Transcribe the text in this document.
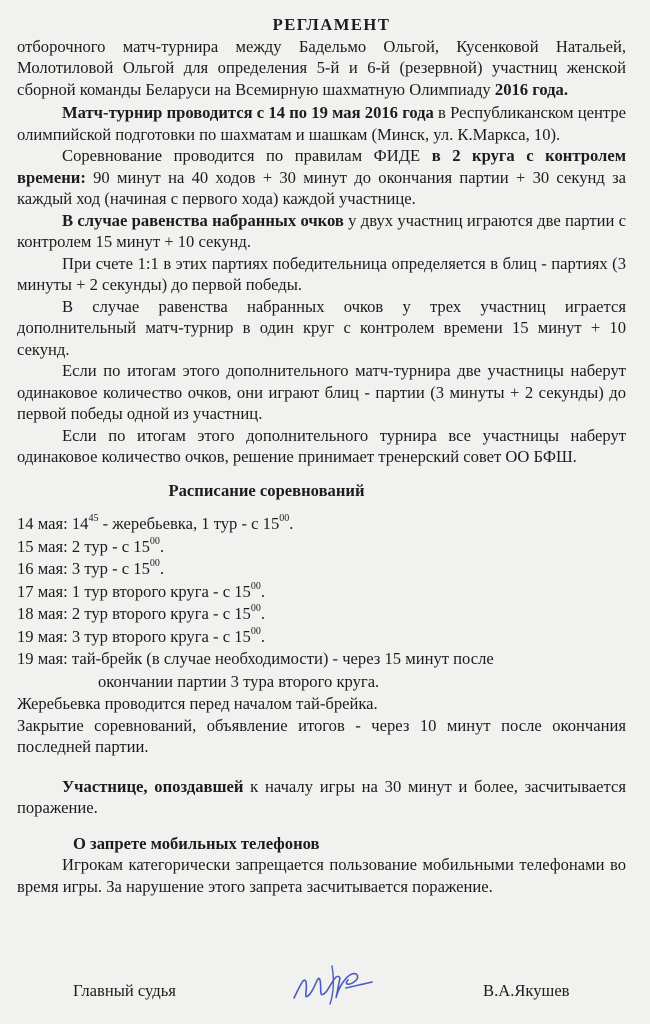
РЕГЛАМЕНТ

отборочного матч-турнира между Бадельмо Ольгой, Кусенковой Натальей, Молотиловой Ольгой для определения 5-й и 6-й (резервной) участниц женской сборной команды Беларуси на Всемирную шахматную Олимпиаду 2016 года.

Матч-турнир проводится с 14 по 19 мая 2016 года в Республиканском центре олимпийской подготовки по шахматам и шашкам (Минск, ул. К.Маркса, 10).

Соревнование проводится по правилам ФИДЕ в 2 круга с контролем времени: 90 минут на 40 ходов + 30 минут до окончания партии + 30 секунд за каждый ход (начиная с первого хода) каждой участнице.

В случае равенства набранных очков у двух участниц играются две партии с контролем 15 минут + 10 секунд.

При счете 1:1 в этих партиях победительница определяется в блиц - партиях (3 минуты + 2 секунды) до первой победы.

В случае равенства набранных очков у трех участниц играется дополнительный матч-турнир в один круг с контролем времени 15 минут + 10 секунд.

Если по итогам этого дополнительного матч-турнира две участницы наберут одинаковое количество очков, они играют блиц - партии (3 минуты + 2 секунды) до первой победы одной из участниц.

Если по итогам этого дополнительного турнира все участницы наберут одинаковое количество очков, решение принимает тренерский совет ОО БФШ.

Расписание соревнований

14 мая: $14^{45}$ - жеребьевка, 1 тур - с $15^{00}$.

15 мая: 2 тур - с $15^{00}$.

16 мая: 3 тур - с $15^{00}$.

17 мая: 1 тур второго круга - с $15^{00}$.

18 мая: 2 тур второго круга - с $15^{00}$.

19 мая: 3 тур второго круга - с $15^{00}$.

19 мая: тай-брейк (в случае необходимости) - через 15 минут после

окончании партии 3 тура второго круга.

Жеребьевка проводится перед началом тай-брейка.

Закрытие соревнований, объявление итогов - через 10 минут после окончания последней партии.

Участнице, опоздавшей к началу игры на 30 минут и более, засчитывается поражение.

О запрете мобильных телефонов

Игрокам категорически запрещается пользование мобильными телефонами во время игры. За нарушение этого запрета засчитывается поражение.

Главный судья	В.А.Якушев
